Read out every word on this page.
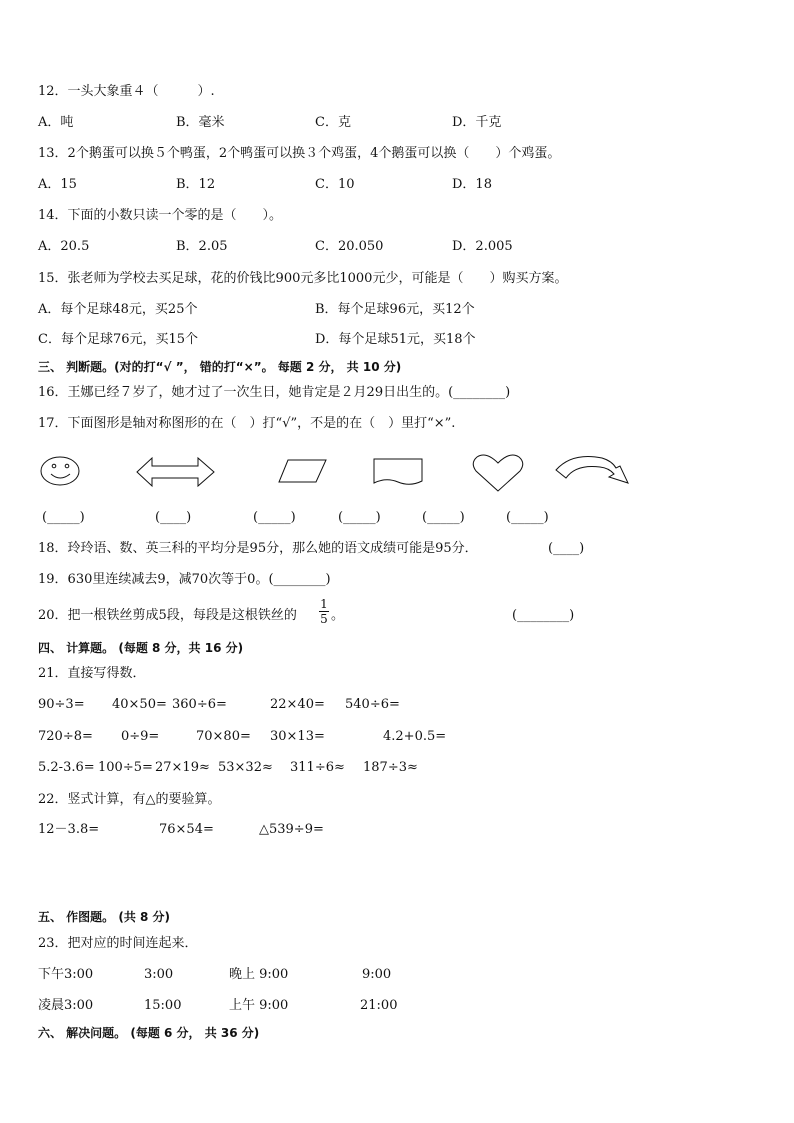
12．一头大象重４（　　　）.
A．吨	B．毫米	C．克	D．千克
13．2个鹅蛋可以换５个鸭蛋，2个鸭蛋可以换３个鸡蛋，4个鹅蛋可以换（　　）个鸡蛋。
A．15	B．12	C．10	D．18
14．下面的小数只读一个零的是（　　）。
A．20.5	B．2.05	C．20.050	D．2.005
15．张老师为学校去买足球，花的价钱比900元多比1000元少，可能是（　　）购买方案。
A．每个足球48元，买25个	B．每个足球96元，买12个
C．每个足球76元，买15个	D．每个足球51元，买18个
三、 判断题。(对的打“√ ”， 错的打“×”。 每题 2 分， 共 10 分)
16．王娜已经７岁了，她才过了一次生日，她肯定是２月29日出生的。(________)
17．下面图形是轴对称图形的在（　）打“√”，不是的在（　）里打“×”.
(_____)	(____)	(_____)	(_____)	(_____)	(_____)
18．玲玲语、数、英三科的平均分是95分，那么她的语文成绩可能是95分．	(____)
19．630里连续减去9，减70次等于0。(________)
20．把一根铁丝剪成5段，每段是这根铁丝的
1
5 。	(________)
四、 计算题。 (每题 8 分，共 16 分)
21．直接写得数．
90÷3= 40×50= 360÷6=	22×40= 540÷6=
720÷8= 0÷9=	70×80= 30×13=	4.2+0.5=
5.2-3.6= 100÷5= 27×19≈ 53×32≈ 311÷6≈ 187÷3≈
22．竖式计算，有△的要验算。
12－3.8=	76×54=	△539÷9=
五、 作图题。 (共 8 分)
23．把对应的时间连起来．
下午3:00	3:00	晚上 9:00	9:00
凌晨3:00	15:00	上午 9:00	21:00
六、 解决问题。 (每题 6 分， 共 36 分)
